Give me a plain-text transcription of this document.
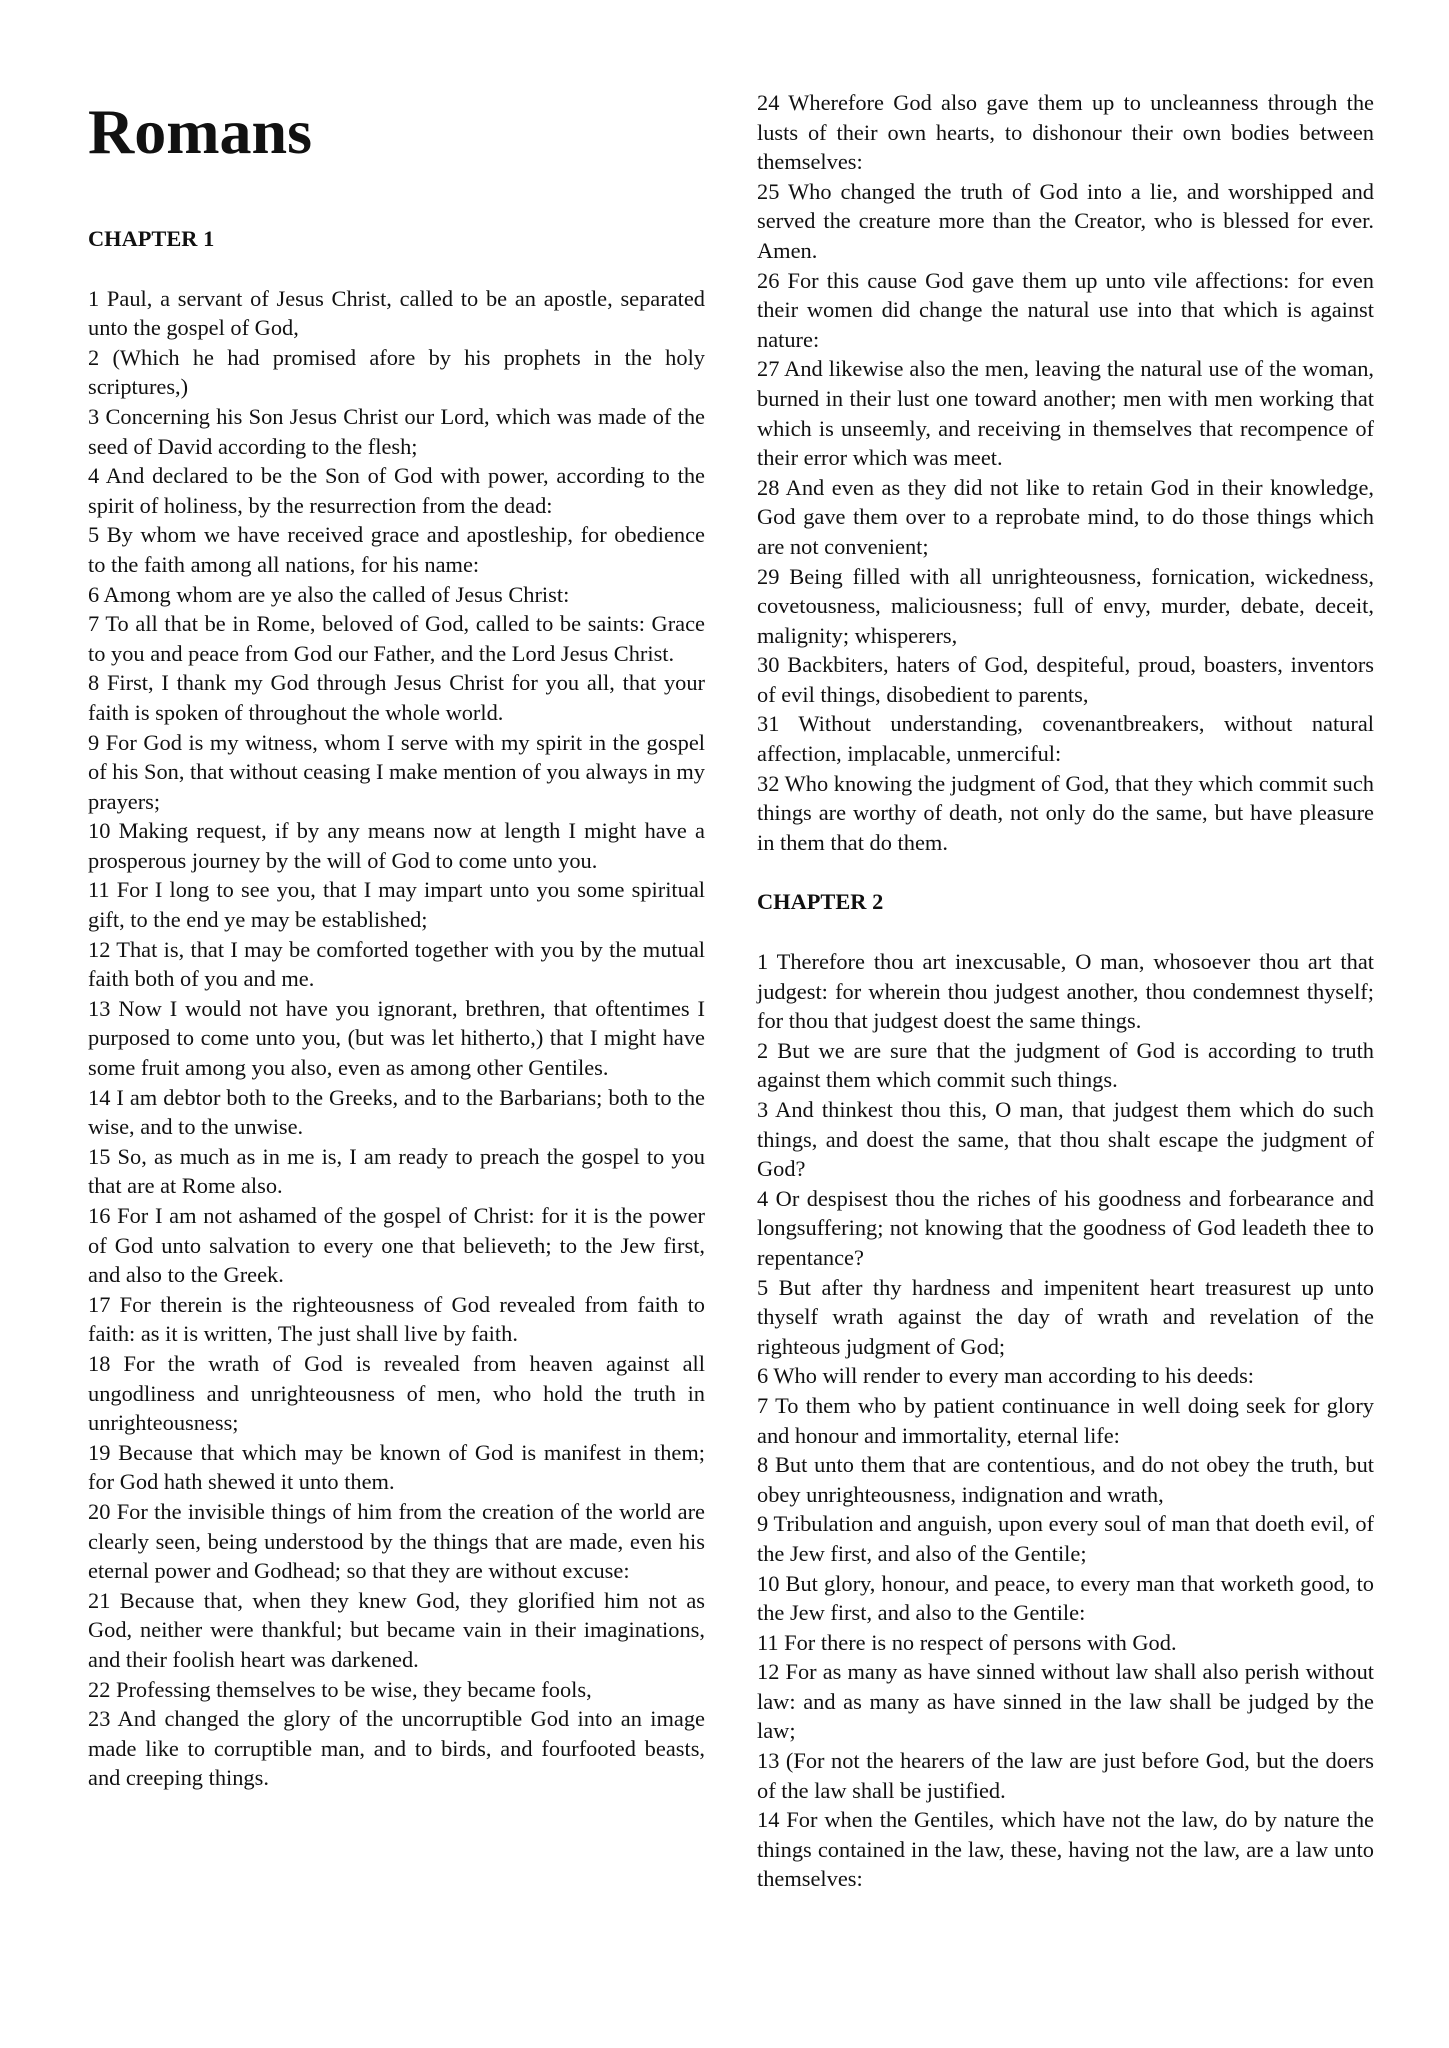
Romans
CHAPTER 1
1 Paul, a servant of Jesus Christ, called to be an apostle, separated unto the gospel of God,
2 (Which he had promised afore by his prophets in the holy scriptures,)
3 Concerning his Son Jesus Christ our Lord, which was made of the seed of David according to the flesh;
4 And declared to be the Son of God with power, according to the spirit of holiness, by the resurrection from the dead:
5 By whom we have received grace and apostleship, for obedience to the faith among all nations, for his name:
6 Among whom are ye also the called of Jesus Christ:
7 To all that be in Rome, beloved of God, called to be saints: Grace to you and peace from God our Father, and the Lord Jesus Christ.
8 First, I thank my God through Jesus Christ for you all, that your faith is spoken of throughout the whole world.
9 For God is my witness, whom I serve with my spirit in the gospel of his Son, that without ceasing I make mention of you always in my prayers;
10 Making request, if by any means now at length I might have a prosperous journey by the will of God to come unto you.
11 For I long to see you, that I may impart unto you some spiritual gift, to the end ye may be established;
12 That is, that I may be comforted together with you by the mutual faith both of you and me.
13 Now I would not have you ignorant, brethren, that oftentimes I purposed to come unto you, (but was let hitherto,) that I might have some fruit among you also, even as among other Gentiles.
14 I am debtor both to the Greeks, and to the Barbarians; both to the wise, and to the unwise.
15 So, as much as in me is, I am ready to preach the gospel to you that are at Rome also.
16 For I am not ashamed of the gospel of Christ: for it is the power of God unto salvation to every one that believeth; to the Jew first, and also to the Greek.
17 For therein is the righteousness of God revealed from faith to faith: as it is written, The just shall live by faith.
18 For the wrath of God is revealed from heaven against all ungodliness and unrighteousness of men, who hold the truth in unrighteousness;
19 Because that which may be known of God is manifest in them; for God hath shewed it unto them.
20 For the invisible things of him from the creation of the world are clearly seen, being understood by the things that are made, even his eternal power and Godhead; so that they are without excuse:
21 Because that, when they knew God, they glorified him not as God, neither were thankful; but became vain in their imaginations, and their foolish heart was darkened.
22 Professing themselves to be wise, they became fools,
23 And changed the glory of the uncorruptible God into an image made like to corruptible man, and to birds, and fourfooted beasts, and creeping things.
24 Wherefore God also gave them up to uncleanness through the lusts of their own hearts, to dishonour their own bodies between themselves:
25 Who changed the truth of God into a lie, and worshipped and served the creature more than the Creator, who is blessed for ever. Amen.
26 For this cause God gave them up unto vile affections: for even their women did change the natural use into that which is against nature:
27 And likewise also the men, leaving the natural use of the woman, burned in their lust one toward another; men with men working that which is unseemly, and receiving in themselves that recompence of their error which was meet.
28 And even as they did not like to retain God in their knowledge, God gave them over to a reprobate mind, to do those things which are not convenient;
29 Being filled with all unrighteousness, fornication, wickedness, covetousness, maliciousness; full of envy, murder, debate, deceit, malignity; whisperers,
30 Backbiters, haters of God, despiteful, proud, boasters, inventors of evil things, disobedient to parents,
31 Without understanding, covenantbreakers, without natural affection, implacable, unmerciful:
32 Who knowing the judgment of God, that they which commit such things are worthy of death, not only do the same, but have pleasure in them that do them.
CHAPTER 2
1 Therefore thou art inexcusable, O man, whosoever thou art that judgest: for wherein thou judgest another, thou condemnest thyself; for thou that judgest doest the same things.
2 But we are sure that the judgment of God is according to truth against them which commit such things.
3 And thinkest thou this, O man, that judgest them which do such things, and doest the same, that thou shalt escape the judgment of God?
4 Or despisest thou the riches of his goodness and forbearance and longsuffering; not knowing that the goodness of God leadeth thee to repentance?
5 But after thy hardness and impenitent heart treasurest up unto thyself wrath against the day of wrath and revelation of the righteous judgment of God;
6 Who will render to every man according to his deeds:
7 To them who by patient continuance in well doing seek for glory and honour and immortality, eternal life:
8 But unto them that are contentious, and do not obey the truth, but obey unrighteousness, indignation and wrath,
9 Tribulation and anguish, upon every soul of man that doeth evil, of the Jew first, and also of the Gentile;
10 But glory, honour, and peace, to every man that worketh good, to the Jew first, and also to the Gentile:
11 For there is no respect of persons with God.
12 For as many as have sinned without law shall also perish without law: and as many as have sinned in the law shall be judged by the law;
13 (For not the hearers of the law are just before God, but the doers of the law shall be justified.
14 For when the Gentiles, which have not the law, do by nature the things contained in the law, these, having not the law, are a law unto themselves:
